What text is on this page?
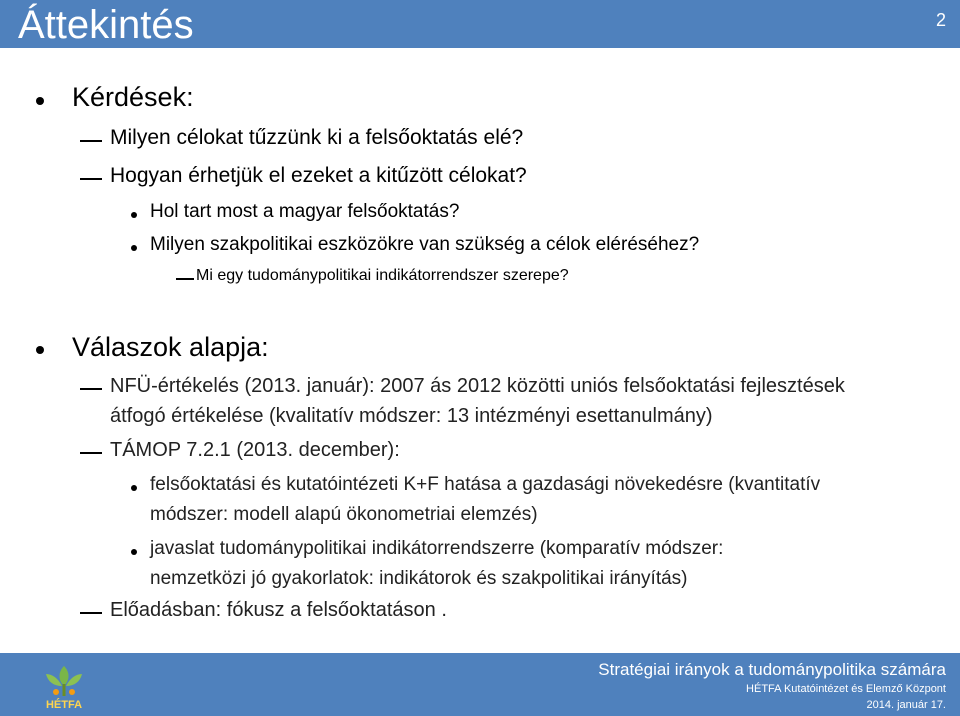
Áttekintés	2
Kérdések:
Milyen célokat tűzzünk ki a felsőoktatás elé?
Hogyan érhetjük el ezeket a kitűzött célokat?
Hol tart most a magyar felsőoktatás?
Milyen szakpolitikai eszközökre van szükség a célok eléréséhez?
Mi egy tudománypolitikai indikátorrendszer szerepe?
Válaszok alapja:
NFÜ-értékelés (2013. január): 2007 ás 2012 közötti uniós felsőoktatási fejlesztések
átfogó értékelése (kvalitatív módszer: 13 intézményi esettanulmány)
TÁMOP 7.2.1 (2013. december):
felsőoktatási és kutatóintézeti K+F hatása a gazdasági növekedésre (kvantitatív
módszer: modell alapú ökonometriai elemzés)
javaslat tudománypolitikai indikátorrendszerre (komparatív módszer:
nemzetközi jó gyakorlatok: indikátorok és szakpolitikai irányítás)
Előadásban: fókusz a felsőoktatáson .
HÉTFA
Stratégiai irányok a tudománypolitika számára
HÉTFA Kutatóintézet és Elemző Központ
2014. január 17.
